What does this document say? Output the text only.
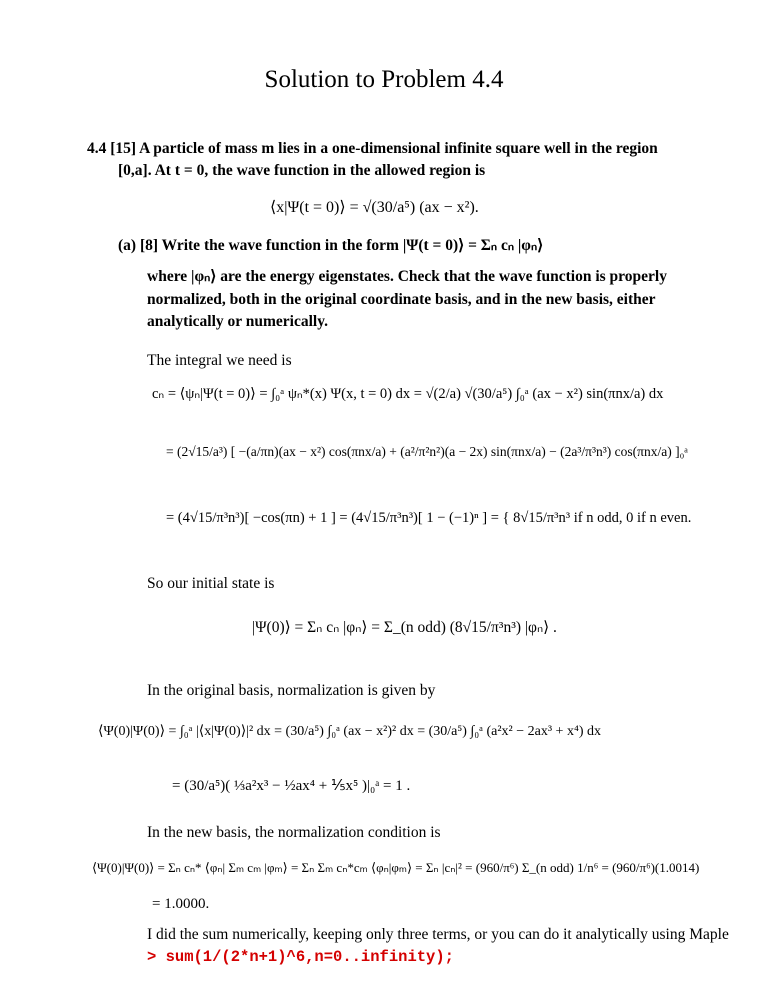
Solution to Problem 4.4
4.4 [15] A particle of mass m lies in a one-dimensional infinite square well in the region
[0,a]. At t = 0, the wave function in the allowed region is
⟨x|Ψ(t = 0)⟩ = √(30/a⁵) (ax − x²).
(a) [8] Write the wave function in the form |Ψ(t = 0)⟩ = Σₙ cₙ |φₙ⟩
where |φₙ⟩ are the energy eigenstates. Check that the wave function is properly
normalized, both in the original coordinate basis, and in the new basis, either
analytically or numerically.
The integral we need is
cₙ = ⟨ψₙ|Ψ(t = 0)⟩ = ∫₀ᵃ ψₙ*(x) Ψ(x, t = 0) dx = √(2/a) √(30/a⁵) ∫₀ᵃ (ax − x²) sin(πnx/a) dx
= (2√15/a³) [ −(a/πn)(ax − x²) cos(πnx/a) + (a²/π²n²)(a − 2x) sin(πnx/a) − (2a³/π³n³) cos(πnx/a) ]₀ᵃ
= (4√15/π³n³)[ −cos(πn) + 1 ] = (4√15/π³n³)[ 1 − (−1)ⁿ ] = { 8√15/π³n³ if n odd, 0 if n even.
So our initial state is
|Ψ(0)⟩ = Σₙ cₙ |φₙ⟩ = Σ_(n odd) (8√15/π³n³) |φₙ⟩ .
In the original basis, normalization is given by
⟨Ψ(0)|Ψ(0)⟩ = ∫₀ᵃ |⟨x|Ψ(0)⟩|² dx = (30/a⁵) ∫₀ᵃ (ax − x²)² dx = (30/a⁵) ∫₀ᵃ (a²x² − 2ax³ + x⁴) dx
= (30/a⁵)( ⅓a²x³ − ½ax⁴ + ⅕x⁵ )|₀ᵃ = 1 .
In the new basis, the normalization condition is
⟨Ψ(0)|Ψ(0)⟩ = Σₙ cₙ* ⟨φₙ| Σₘ cₘ |φₘ⟩ = Σₙ Σₘ cₙ*cₘ ⟨φₙ|φₘ⟩ = Σₙ |cₙ|² = (960/π⁶) Σ_(n odd) 1/n⁶ = (960/π⁶)(1.0014)
= 1.0000.
I did the sum numerically, keeping only three terms, or you can do it analytically using Maple
> sum(1/(2*n+1)^6,n=0..infinity);
